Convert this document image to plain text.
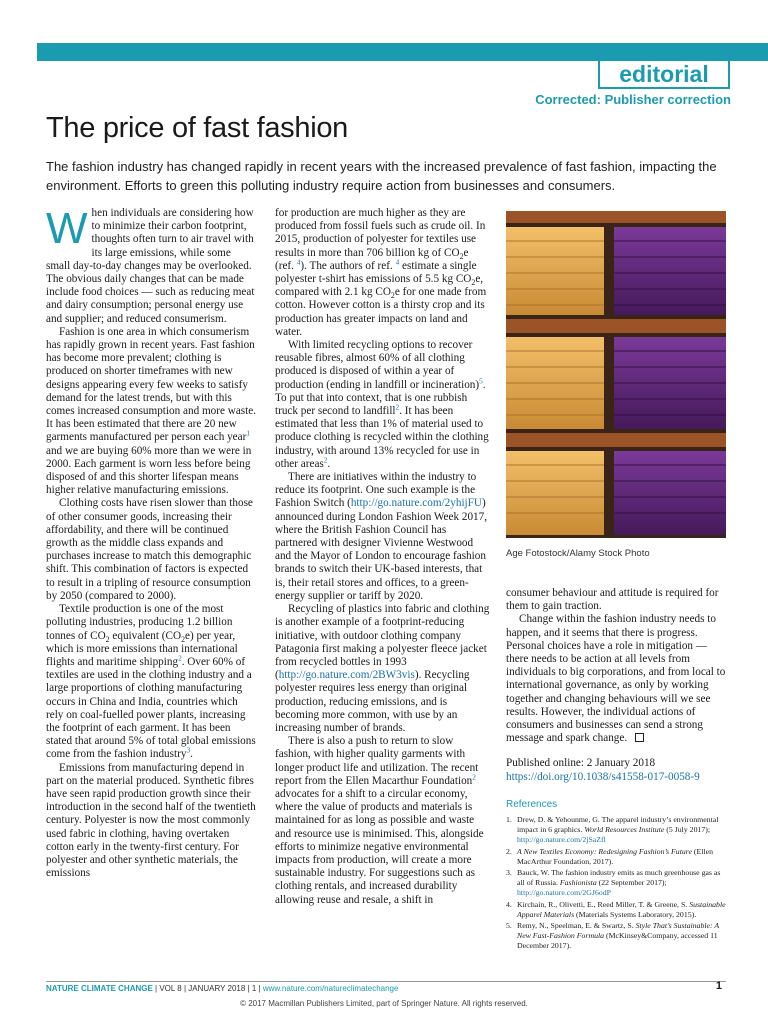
editorial
Corrected: Publisher correction
The price of fast fashion

The fashion industry has changed rapidly in recent years with the increased prevalence of fast fashion, impacting the environment. Efforts to green this polluting industry require action from businesses and consumers.

When individuals are considering how to minimize their carbon footprint, thoughts often turn to air travel with its large emissions, while some small day-to-day changes may be overlooked. The obvious daily changes that can be made include food choices — such as reducing meat and dairy consumption; personal energy use and supplier; and reduced consumerism.

Fashion is one area in which consumerism has rapidly grown in recent years. Fast fashion has become more prevalent; clothing is produced on shorter timeframes with new designs appearing every few weeks to satisfy demand for the latest trends, but with this comes increased consumption and more waste. It has been estimated that there are 20 new garments manufactured per person each year$^1$ and we are buying 60% more than we were in 2000. Each garment is worn less before being disposed of and this shorter lifespan means higher relative manufacturing emissions.

Clothing costs have risen slower than those of other consumer goods, increasing their affordability, and there will be continued growth as the middle class expands and purchases increase to match this demographic shift. This combination of factors is expected to result in a tripling of resource consumption by 2050 (compared to 2000).

Textile production is one of the most polluting industries, producing 1.2 billion tonnes of $CO_2$ equivalent $(CO_2e)$ per year, which is more emissions than international flights and maritime shipping$^2$. Over 60% of textiles are used in the clothing industry and a large proportions of clothing manufacturing occurs in China and India, countries which rely on coal-fuelled power plants, increasing the footprint of each garment. It has been stated that around 5% of total global emissions come from the fashion industry$^3$.

Emissions from manufacturing depend in part on the material produced. Synthetic fibres have seen rapid production growth since their introduction in the second half of the twentieth century. Polyester is now the most commonly used fabric in clothing, having overtaken cotton early in the twenty-first century. For polyester and other synthetic materials, the emissions

for production are much higher as they are produced from fossil fuels such as crude oil. In 2015, production of polyester for textiles use results in more than 706 billion kg of $CO_2e$ (ref. $^4$). The authors of ref. $^4$ estimate a single polyester t-shirt has emissions of 5.5 kg $CO_2e$, compared with 2.1 kg $CO_2e$ for one made from cotton. However cotton is a thirsty crop and its production has greater impacts on land and water.

With limited recycling options to recover reusable fibres, almost 60% of all clothing produced is disposed of within a year of production (ending in landfill or incineration)$^5$. To put that into context, that is one rubbish truck per second to landfill$^2$. It has been estimated that less than 1% of material used to produce clothing is recycled within the clothing industry, with around 13% recycled for use in other areas$^2$.

There are initiatives within the industry to reduce its footprint. One such example is the Fashion Switch (http://go.nature.com/2yhijFU) announced during London Fashion Week 2017, where the British Fashion Council has partnered with designer Vivienne Westwood and the Mayor of London to encourage fashion brands to switch their UK-based interests, that is, their retail stores and offices, to a green-energy supplier or tariff by 2020.

Recycling of plastics into fabric and clothing is another example of a footprint-reducing initiative, with outdoor clothing company Patagonia first making a polyester fleece jacket from recycled bottles in 1993 (http://go.nature.com/2BW3vis). Recycling polyester requires less energy than original production, reducing emissions, and is becoming more common, with use by an increasing number of brands.

There is also a push to return to slow fashion, with higher quality garments with longer product life and utilization. The recent report from the Ellen Macarthur Foundation$^2$ advocates for a shift to a circular economy, where the value of products and materials is maintained for as long as possible and waste and resource use is minimised. This, alongside efforts to minimize negative environmental impacts from production, will create a more sustainable industry. For suggestions such as clothing rentals, and increased durability allowing reuse and resale, a shift in

Age Fotostock/Alamy Stock Photo

consumer behaviour and attitude is required for them to gain traction.

Change within the fashion industry needs to happen, and it seems that there is progress. Personal choices have a role in mitigation — there needs to be action at all levels from individuals to big corporations, and from local to international governance, as only by working together and changing behaviours will we see results. However, the individual actions of consumers and businesses can send a strong message and spark change.

Published online: 2 January 2018

https://doi.org/10.1038/s41558-017-0058-9

References
1. Drew, D. & Yehounme, G. The apparel industry’s environmental impact in 6 graphics. World Resources Institute (5 July 2017); http://go.nature.com/2jSaZfl
2. A New Textiles Economy: Redesigning Fashion’s Future (Ellen MacArthur Foundation, 2017).
3. Bauck, W. The fashion industry emits as much greenhouse gas as all of Russia. Fashionista (22 September 2017); http://go.nature.com/2GJ6odP
4. Kirchain, R., Olivetti, E., Reed Miller, T. & Greene, S. Sustainable Apparel Materials (Materials Systems Laboratory, 2015).
5. Remy, N., Speelman, E. & Swartz, S. Style That’s Sustainable: A New Fast-Fashion Formula (McKinsey&Company, accessed 11 December 2017).
NATURE CLIMATE CHANGE | VOL 8 | JANUARY 2018 | 1 | www.nature.com/natureclimatechange	1
© 2017 Macmillan Publishers Limited, part of Springer Nature. All rights reserved.
